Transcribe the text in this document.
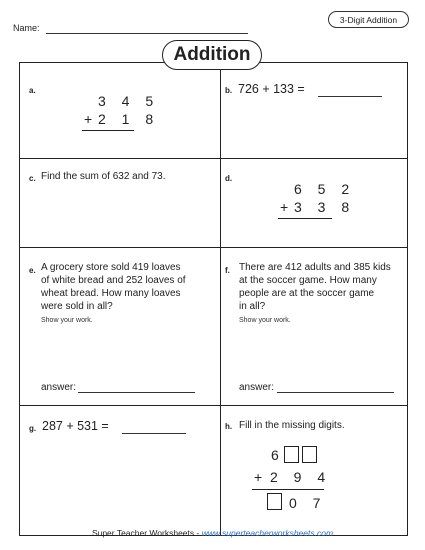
Name:
3-Digit Addition
Addition
a.
3 4 5
+ 2 1 8
b. 726 + 133 =
c. Find the sum of 632 and 73.	d.
6 5 2
+ 3 3 8
e. A grocery store sold 419 loaves
of white bread and 252 loaves of
wheat bread. How many loaves
were sold in all?
Show your work.
answer:
f. There are 412 adults and 385 kids
at the soccer game. How many
people are at the soccer game
in all?
Show your work.
answer:
g. 287 + 531 =	h. Fill in the missing digits.
6
+ 2 9 4
0 7
Super Teacher Worksheets - www.superteacherworksheets.com
